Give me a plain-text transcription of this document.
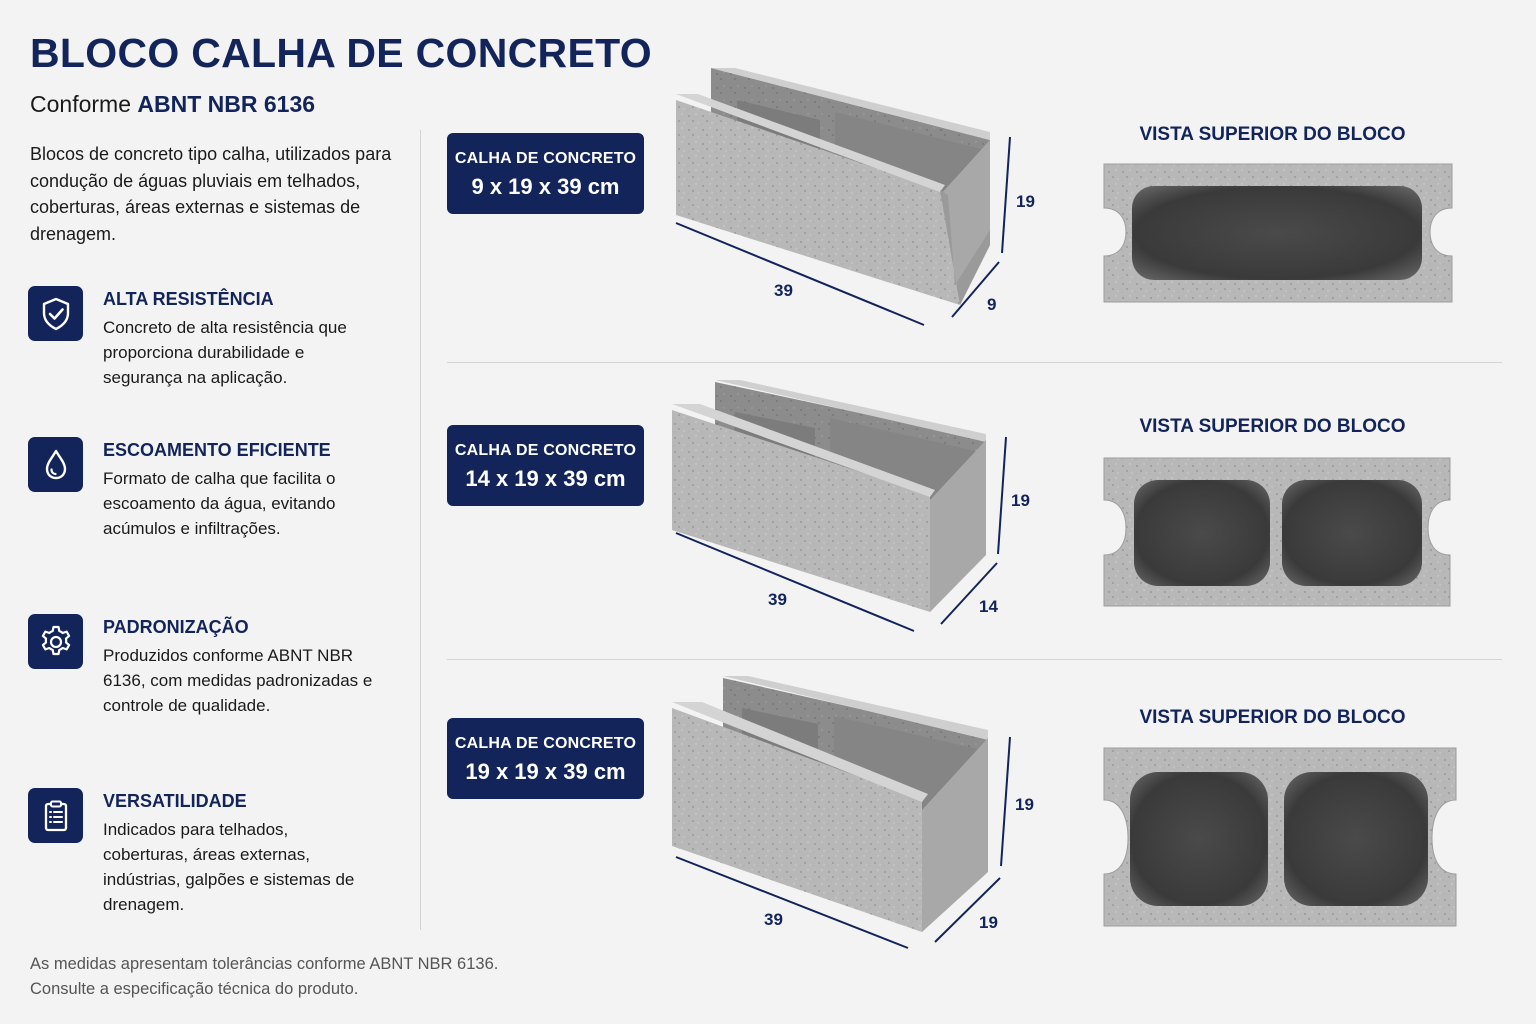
BLOCO CALHA DE CONCRETO
Conforme ABNT NBR 6136
Blocos de concreto tipo calha, utilizados para condução de águas pluviais em telhados, coberturas, áreas externas e sistemas de drenagem.
ALTA RESISTÊNCIA
Concreto de alta resistência que proporciona durabilidade e segurança na aplicação.
ESCOAMENTO EFICIENTE
Formato de calha que facilita o escoamento da água, evitando acúmulos e infiltrações.
PADRONIZAÇÃO
Produzidos conforme ABNT NBR 6136, com medidas padronizadas e controle de qualidade.
VERSATILIDADE
Indicados para telhados, coberturas, áreas externas, indústrias, galpões e sistemas de drenagem.
CALHA DE CONCRETO
9 x 19 x 39 cm
CALHA DE CONCRETO
14 x 19 x 39 cm
CALHA DE CONCRETO
19 x 19 x 39 cm
VISTA SUPERIOR DO BLOCO
VISTA SUPERIOR DO BLOCO
VISTA SUPERIOR DO BLOCO
19
39
9
19
39	14
19
39	19
As medidas apresentam tolerâncias conforme ABNT NBR 6136.
Consulte a especificação técnica do produto.
